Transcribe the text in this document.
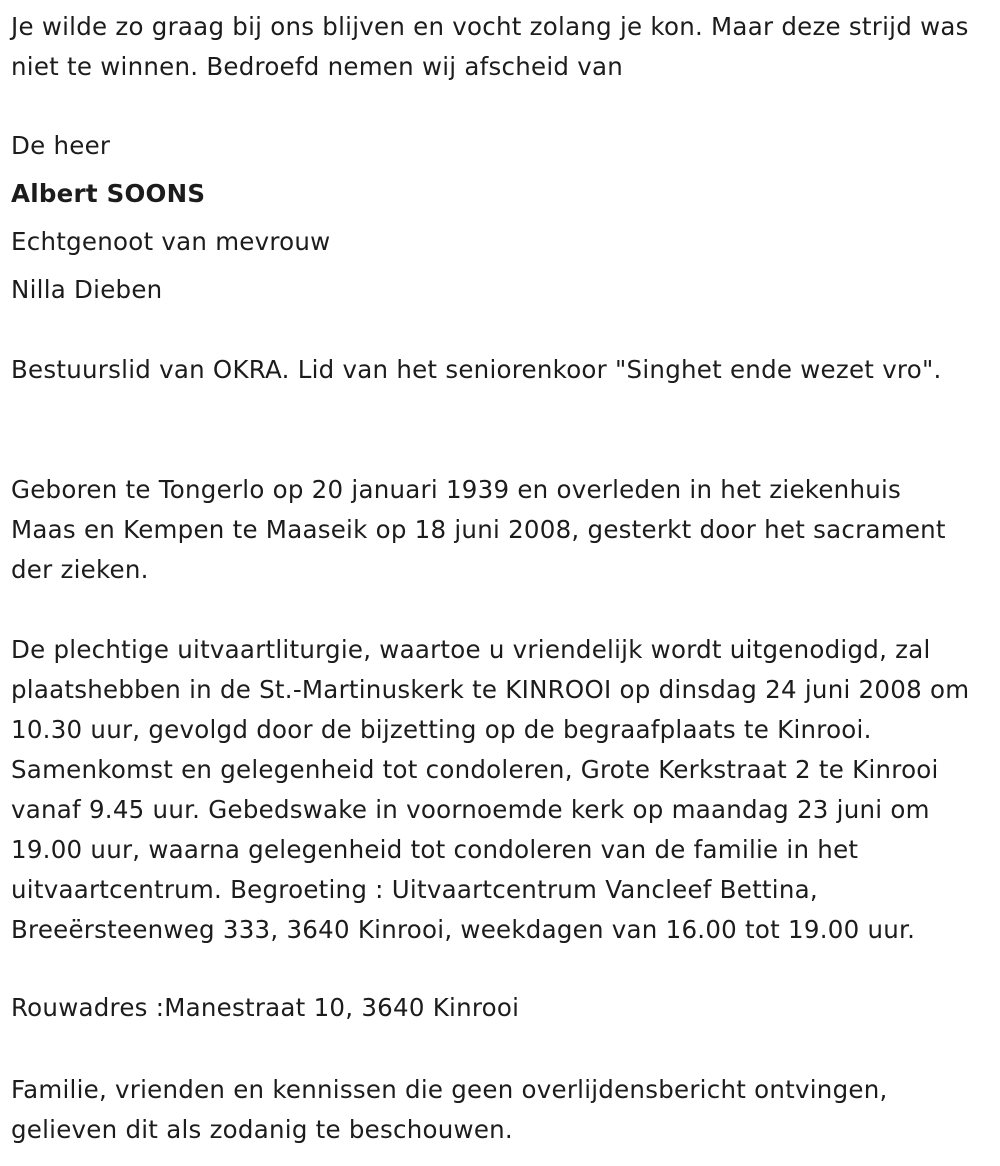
Je wilde zo graag bij ons blijven en vocht zolang je kon. Maar deze strijd was niet te winnen. Bedroefd nemen wij afscheid van

De heer

Albert SOONS

Echtgenoot van mevrouw

Nilla Dieben

Bestuurslid van OKRA. Lid van het seniorenkoor "Singhet ende wezet vro".

Geboren te Tongerlo op 20 januari 1939 en overleden in het ziekenhuis Maas en Kempen te Maaseik op 18 juni 2008, gesterkt door het sacrament der zieken.

De plechtige uitvaartliturgie, waartoe u vriendelijk wordt uitgenodigd, zal plaatshebben in de St.-Martinuskerk te KINROOI op dinsdag 24 juni 2008 om 10.30 uur, gevolgd door de bijzetting op de begraafplaats te Kinrooi. Samenkomst en gelegenheid tot condoleren, Grote Kerkstraat 2 te Kinrooi vanaf 9.45 uur. Gebedswake in voornoemde kerk op maandag 23 juni om 19.00 uur, waarna gelegenheid tot condoleren van de familie in het uitvaartcentrum. Begroeting : Uitvaartcentrum Vancleef Bettina, Breeërsteenweg 333, 3640 Kinrooi, weekdagen van 16.00 tot 19.00 uur.

Rouwadres :Manestraat 10, 3640 Kinrooi

Familie, vrienden en kennissen die geen overlijdensbericht ontvingen, gelieven dit als zodanig te beschouwen.
